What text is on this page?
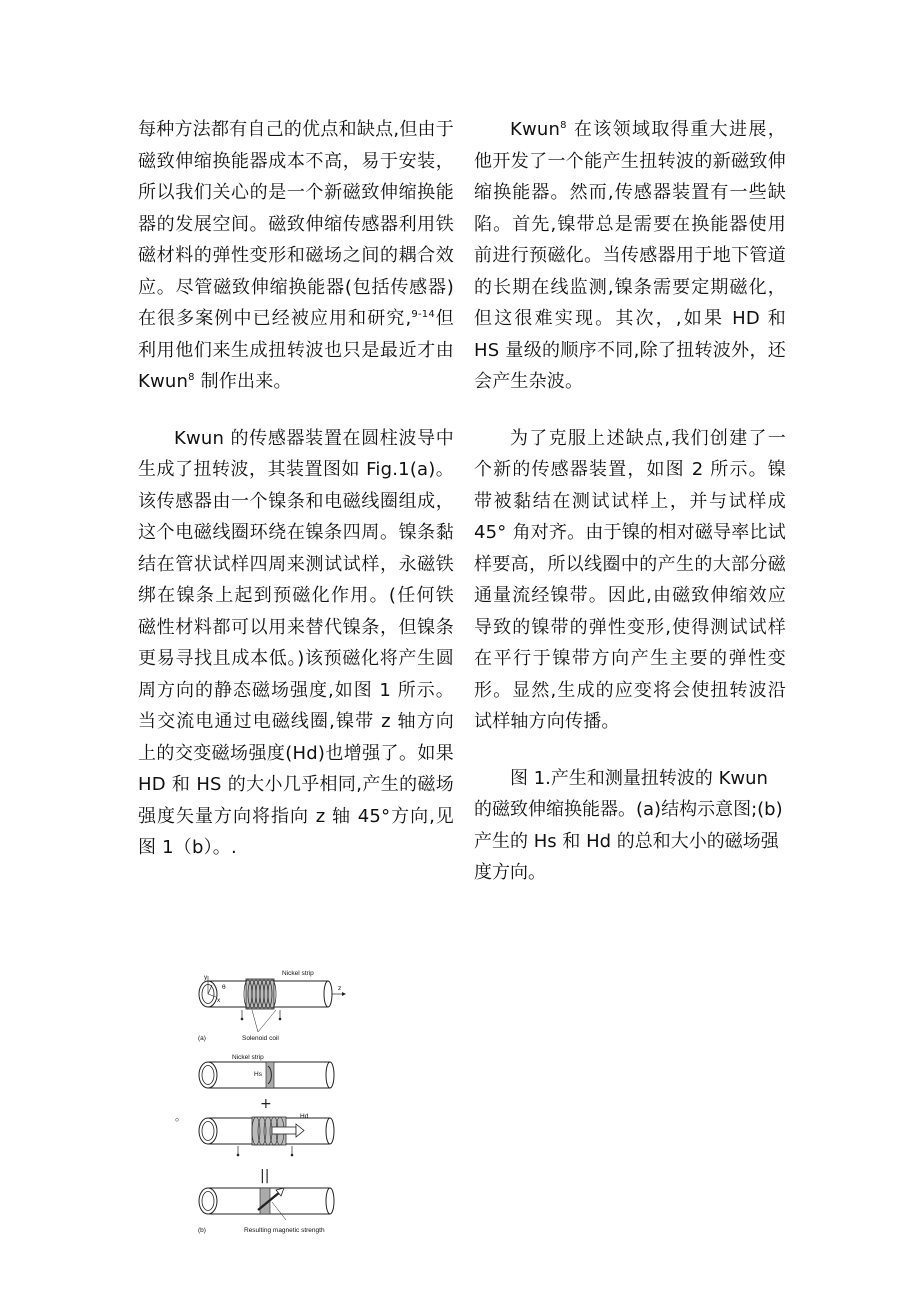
每种方法都有自己的优点和缺点,但由于磁致伸缩换能器成本不高，易于安装，所以我们关心的是一个新磁致伸缩换能器的发展空间。磁致伸缩传感器利用铁磁材料的弹性变形和磁场之间的耦合效应。尽管磁致伸缩换能器(包括传感器)在很多案例中已经被应用和研究,$^{9-14}$但利用他们来生成扭转波也只是最近才由 Kwun$^8$ 制作出来。

Kwun 的传感器装置在圆柱波导中生成了扭转波，其装置图如 Fig.1(a)。该传感器由一个镍条和电磁线圈组成，这个电磁线圈环绕在镍条四周。镍条黏结在管状试样四周来测试试样，永磁铁绑在镍条上起到预磁化作用。(任何铁磁性材料都可以用来替代镍条，但镍条更易寻找且成本低。)该预磁化将产生圆周方向的静态磁场强度,如图 1 所示。当交流电通过电磁线圈,镍带 z 轴方向上的交变磁场强度(Hd)也增强了。如果 HD 和 HS 的大小几乎相同,产生的磁场强度矢量方向将指向 z 轴 45°方向,见图 1（b）。.

Kwun$^8$ 在该领域取得重大进展，他开发了一个能产生扭转波的新磁致伸缩换能器。然而,传感器装置有一些缺陷。首先,镍带总是需要在换能器使用前进行预磁化。当传感器用于地下管道的长期在线监测,镍条需要定期磁化，但这很难实现。其次，,如果 HD 和 HS 量级的顺序不同,除了扭转波外，还会产生杂波。

为了克服上述缺点,我们创建了一个新的传感器装置，如图 2 所示。镍带被黏结在测试试样上，并与试样成 45° 角对齐。由于镍的相对磁导率比试样要高，所以线圈中的产生的大部分磁通量流经镍带。因此,由磁致伸缩效应导致的镍带的弹性变形,使得测试试样在平行于镍带方向产生主要的弹性变形。显然,生成的应变将会使扭转波沿试样轴方向传播。

图 1.产生和测量扭转波的 Kwun 的磁致伸缩换能器。(a)结构示意图;(b)产生的 Hs 和 Hd 的总和大小的磁场强度方向。

。
Nickel strip
Solenoid coil
(a)
y
x
θ	z
Nickel strip
Hs
+
Hd
||
(b)	Resulting magnetic strength
